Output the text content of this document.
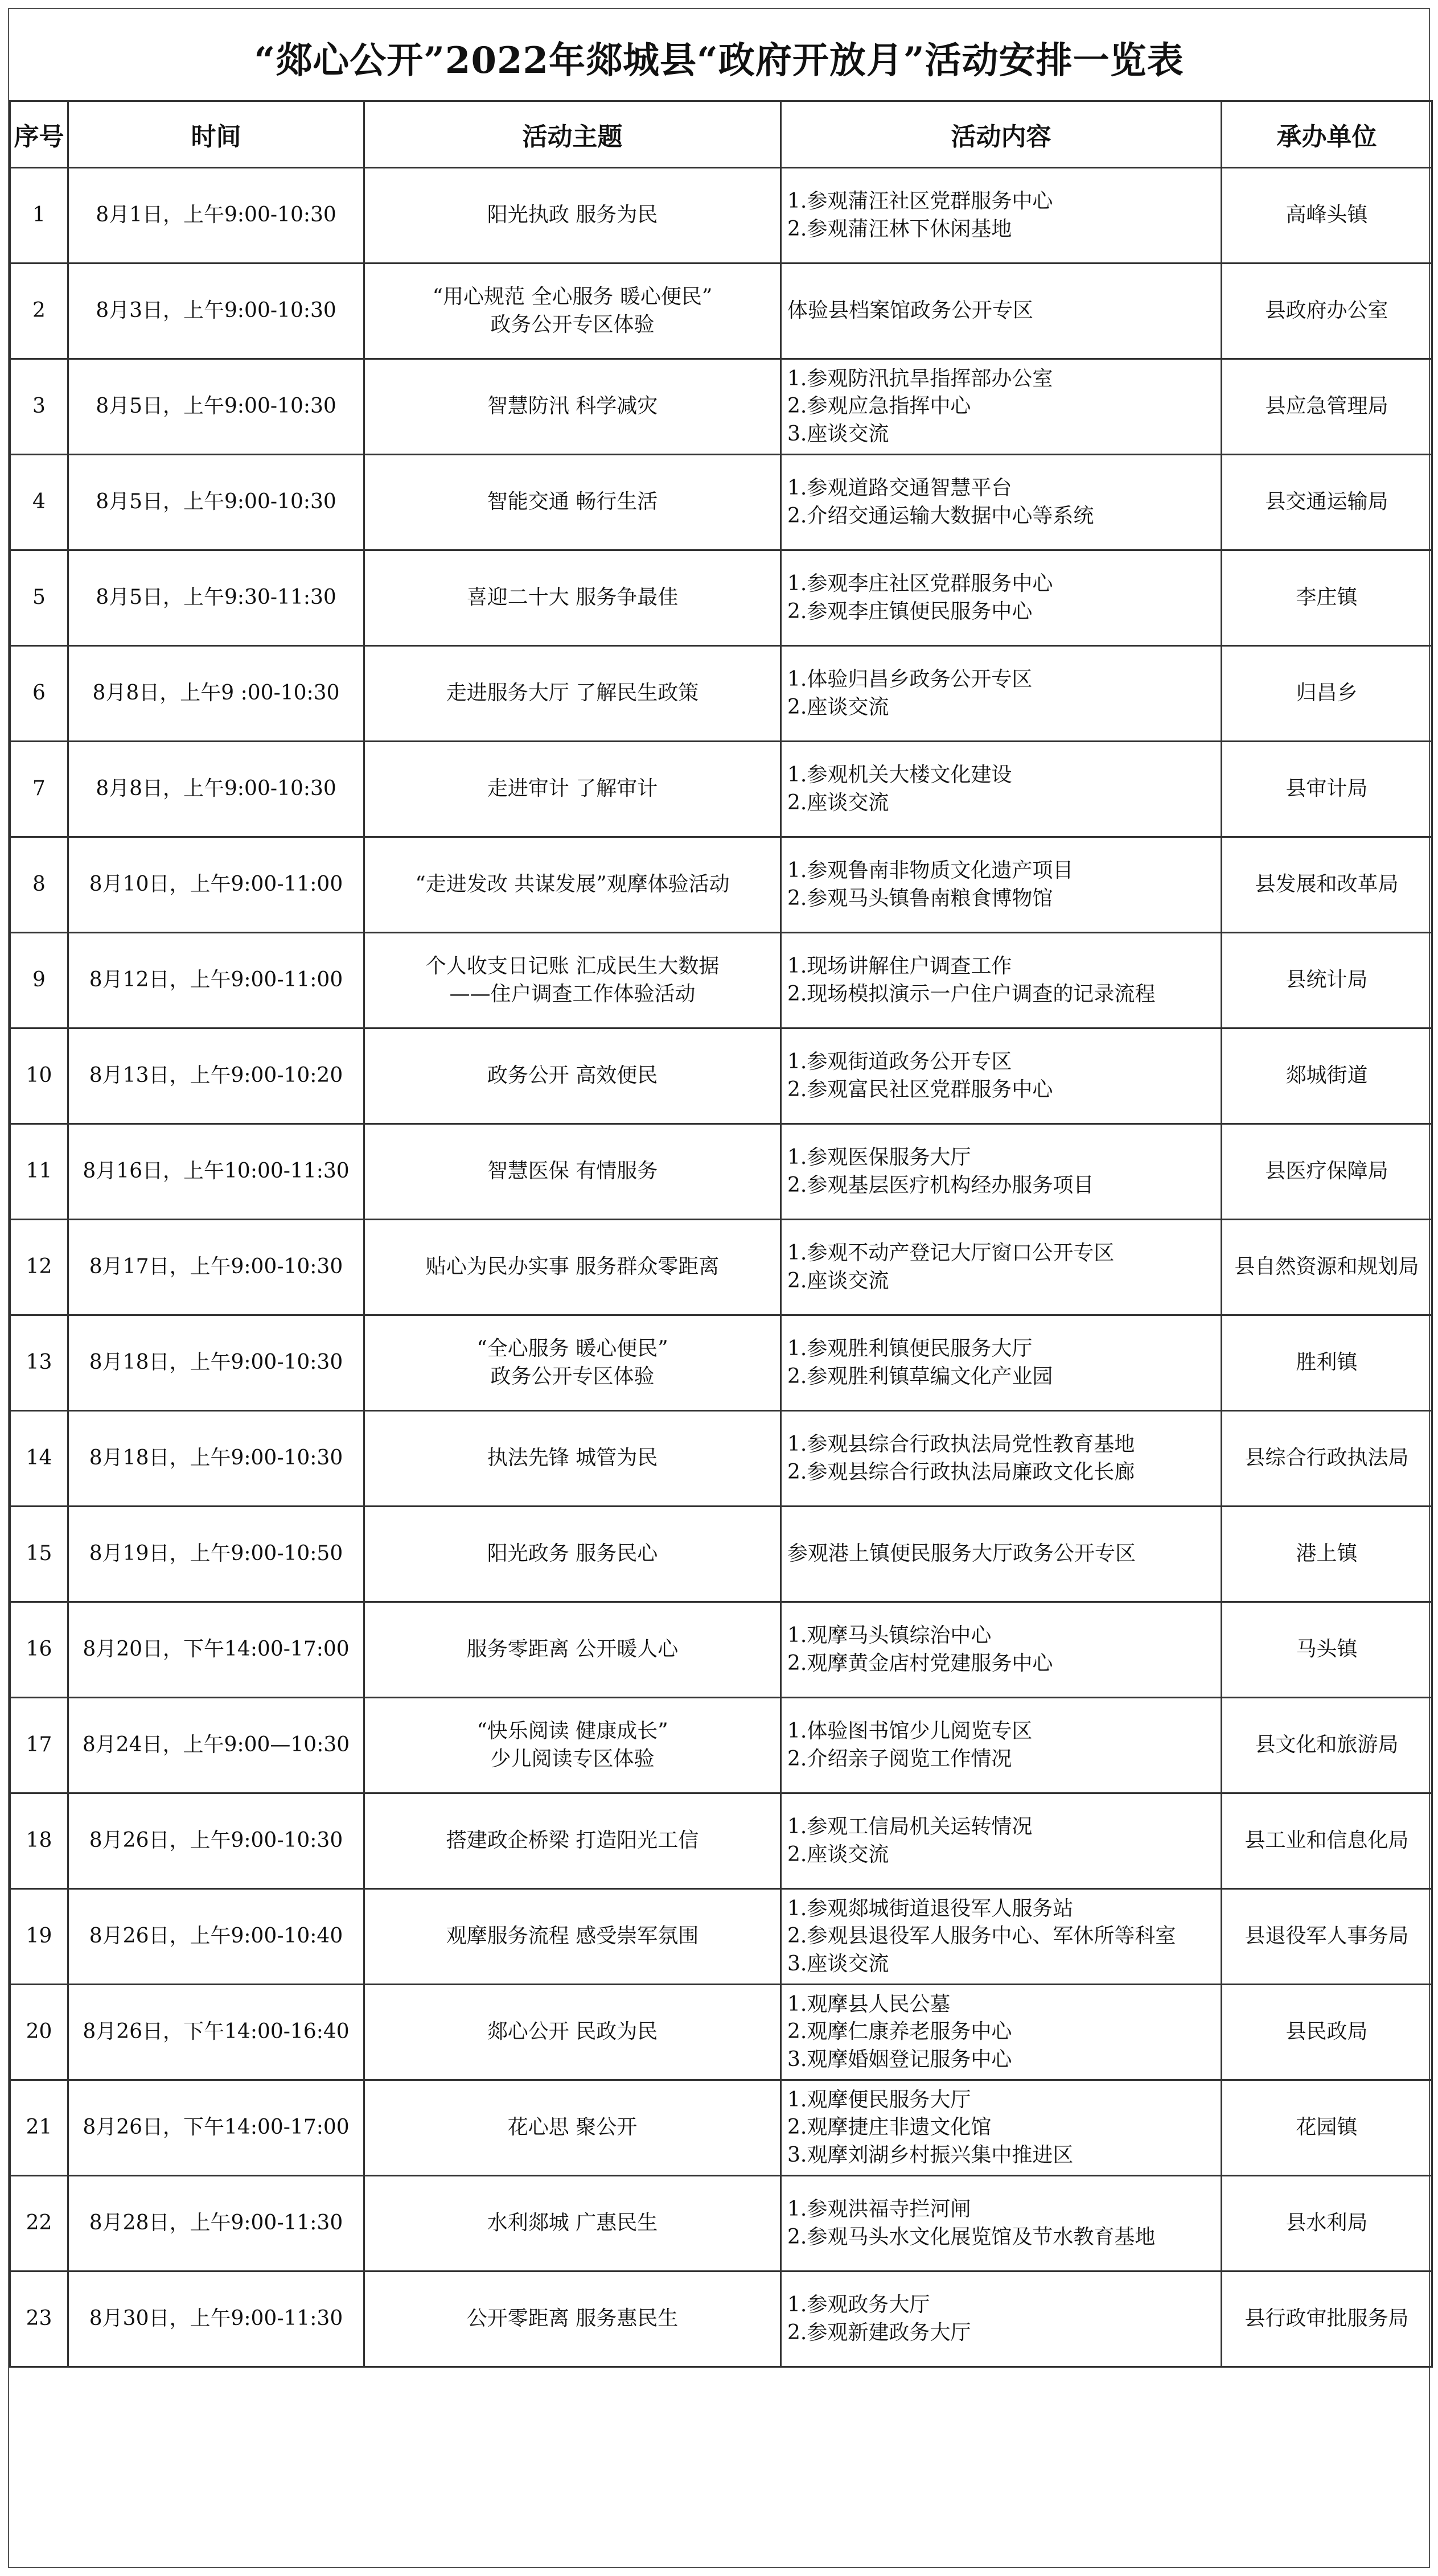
“郯心公开”2022年郯城县“政府开放月”活动安排一览表
序号	时间	活动主题	活动内容	承办单位
1	8月1日，上午9:00-10:30	阳光执政 服务为民	1.参观蒲汪社区党群服务中心
2.参观蒲汪林下休闲基地	高峰头镇
2	8月3日，上午9:00-10:30	“用心规范 全心服务 暖心便民”
政务公开专区体验	体验县档案馆政务公开专区	县政府办公室
3	8月5日，上午9:00-10:30	智慧防汛 科学减灾	1.参观防汛抗旱指挥部办公室
2.参观应急指挥中心
3.座谈交流	县应急管理局
4	8月5日，上午9:00-10:30	智能交通 畅行生活	1.参观道路交通智慧平台
2.介绍交通运输大数据中心等系统	县交通运输局
5	8月5日，上午9:30-11:30	喜迎二十大 服务争最佳	1.参观李庄社区党群服务中心
2.参观李庄镇便民服务中心	李庄镇
6	8月8日，上午9 :00-10:30	走进服务大厅 了解民生政策	1.体验归昌乡政务公开专区
2.座谈交流	归昌乡
7	8月8日，上午9:00-10:30	走进审计 了解审计	1.参观机关大楼文化建设
2.座谈交流	县审计局
8	8月10日，上午9:00-11:00	“走进发改 共谋发展”观摩体验活动	1.参观鲁南非物质文化遗产项目
2.参观马头镇鲁南粮食博物馆	县发展和改革局
9	8月12日，上午9:00-11:00	个人收支日记账 汇成民生大数据
——住户调查工作体验活动	1.现场讲解住户调查工作
2.现场模拟演示一户住户调查的记录流程	县统计局
10	8月13日，上午9:00-10:20	政务公开 高效便民	1.参观街道政务公开专区
2.参观富民社区党群服务中心	郯城街道
11	8月16日，上午10:00-11:30	智慧医保 有情服务	1.参观医保服务大厅
2.参观基层医疗机构经办服务项目	县医疗保障局
12	8月17日，上午9:00-10:30	贴心为民办实事 服务群众零距离	1.参观不动产登记大厅窗口公开专区
2.座谈交流	县自然资源和规划局
13	8月18日，上午9:00-10:30	“全心服务 暖心便民”
政务公开专区体验	1.参观胜利镇便民服务大厅
2.参观胜利镇草编文化产业园	胜利镇
14	8月18日，上午9:00-10:30	执法先锋 城管为民	1.参观县综合行政执法局党性教育基地
2.参观县综合行政执法局廉政文化长廊	县综合行政执法局
15	8月19日，上午9:00-10:50	阳光政务 服务民心	参观港上镇便民服务大厅政务公开专区	港上镇
16	8月20日，下午14:00-17:00	服务零距离 公开暖人心	1.观摩马头镇综治中心
2.观摩黄金店村党建服务中心	马头镇
17	8月24日，上午9:00—10:30	“快乐阅读 健康成长”
少儿阅读专区体验	1.体验图书馆少儿阅览专区
2.介绍亲子阅览工作情况	县文化和旅游局
18	8月26日，上午9:00-10:30	搭建政企桥梁 打造阳光工信	1.参观工信局机关运转情况
2.座谈交流	县工业和信息化局
19	8月26日，上午9:00-10:40	观摩服务流程 感受崇军氛围	1.参观郯城街道退役军人服务站
2.参观县退役军人服务中心、军休所等科室
3.座谈交流	县退役军人事务局
20	8月26日，下午14:00-16:40	郯心公开 民政为民	1.观摩县人民公墓
2.观摩仁康养老服务中心
3.观摩婚姻登记服务中心	县民政局
21	8月26日，下午14:00-17:00	花心思 聚公开	1.观摩便民服务大厅
2.观摩捷庄非遗文化馆
3.观摩刘湖乡村振兴集中推进区	花园镇
22	8月28日，上午9:00-11:30	水利郯城 广惠民生	1.参观洪福寺拦河闸
2.参观马头水文化展览馆及节水教育基地	县水利局
23	8月30日，上午9:00-11:30	公开零距离 服务惠民生	1.参观政务大厅
2.参观新建政务大厅	县行政审批服务局
